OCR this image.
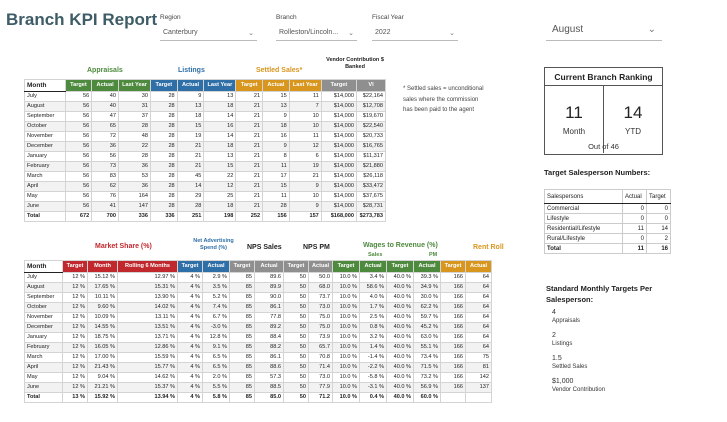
Branch KPI Report Region
Canterbury	⌄
Branch
Rolleston/Lincoln... ⌄
Fiscal Year
2022	⌄	August	⌄
Appraisals	Listings	Settled Sales*
Vendor Contribution $ Banked
Month	Target	Actual	Last Year	Target	Actual	Last Year	Target	Actual	Last Year	Target	VI
July	56	40	30	28	9	13	21	15	11	$14,000	$22,164
August	56	40	31	28	13	18	21	13	7	$14,000	$12,708
September	56	47	37	28	18	14	21	9	10	$14,000	$19,670
October	56	65	28	28	15	16	21	18	10	$14,000	$22,540
November	56	72	48	28	19	14	21	16	11	$14,000	$20,733
December	56	36	22	28	21	18	21	9	12	$14,000	$16,765
January	56	56	28	28	21	13	21	8	6	$14,000	$11,317
February	56	73	36	28	21	15	21	11	19	$14,000	$21,880
March	56	83	53	28	45	22	21	17	21	$14,000	$26,118
April	56	62	36	28	14	12	21	15	9	$14,000	$33,472
May	56	76	164	28	29	25	21	11	10	$14,000	$37,675
June	56	41	147	28	28	18	21	28	9	$14,000	$28,731
Total	672	700	336	336	251	198	252	156	157	$168,000	$273,783
* Settled sales = unconditional sales where the commission has been paid to the agent
Market Share (%)
Net Advertising Spend (%)	NPS Sales	NPS PM	Wages to Revenue (%)
Sales	PM
Rent Roll
Month	Target	Month	Rolling 6 Months	Target	Actual	Target	Actual	Target	Actual	Target	Actual	Target	Actual	Target	Actual
July	12 %	15.12 %	12.97 %	4 %	2.9 %	85	89.6	50	50.0	10.0 %	3.4 %	40.0 %	39.3 %	166	64
August	12 %	17.65 %	15.31 %	4 %	3.5 %	85	89.9	50	68.0	10.0 %	58.6 %	40.0 %	34.9 %	166	64
September	12 %	10.11 %	13.90 %	4 %	5.2 %	85	90.0	50	73.7	10.0 %	4.0 %	40.0 %	30.0 %	166	64
October	12 %	9.60 %	14.02 %	4 %	7.4 %	85	86.1	50	73.0	10.0 %	1.7 %	40.0 %	62.2 %	166	64
November	12 %	10.09 %	13.11 %	4 %	6.7 %	85	77.8	50	75.0	10.0 %	2.5 %	40.0 %	59.7 %	166	64
December	12 %	14.55 %	13.51 %	4 %	-3.0 %	85	89.2	50	75.0	10.0 %	0.8 %	40.0 %	45.2 %	166	64
January	12 %	18.75 %	13.71 %	4 %	12.8 %	85	88.4	50	73.9	10.0 %	3.2 %	40.0 %	63.0 %	166	64
February	12 %	16.05 %	12.86 %	4 %	9.1 %	85	88.2	50	65.7	10.0 %	1.4 %	40.0 %	55.1 %	166	64
March	12 %	17.00 %	15.59 %	4 %	6.5 %	85	86.1	50	70.8	10.0 %	-1.4 %	40.0 %	73.4 %	166	75
April	12 %	21.43 %	15.77 %	4 %	6.5 %	85	88.6	50	71.4	10.0 %	-2.2 %	40.0 %	71.5 %	166	81
May	12 %	9.04 %	14.62 %	4 %	2.0 %	85	57.3	50	73.0	10.0 %	-5.8 %	40.0 %	73.2 %	166	142
June	12 %	21.21 %	15.37 %	4 %	5.5 %	85	88.5	50	77.9	10.0 %	-3.1 %	40.0 %	56.9 %	166	137
Total	13 %	15.92 %	13.94 %	4 %	5.8 %	85	85.0	50	71.2	10.0 %	0.4 %	40.0 %	60.0 %		
Current Branch Ranking
11
Month
14
YTD
Out of 46
Target Salesperson Numbers:
Salespersons	Actual	Target
Commercial	0	0
Lifestyle	0	0
Residential/Lifestyle	11	14
Rural/Lifestyle	0	2
Total	11	16
Standard Monthly Targets Per Salesperson:
4
Appraisals
2
Listings
1.5
Settled Sales
$1,000
Vendor Contribution
